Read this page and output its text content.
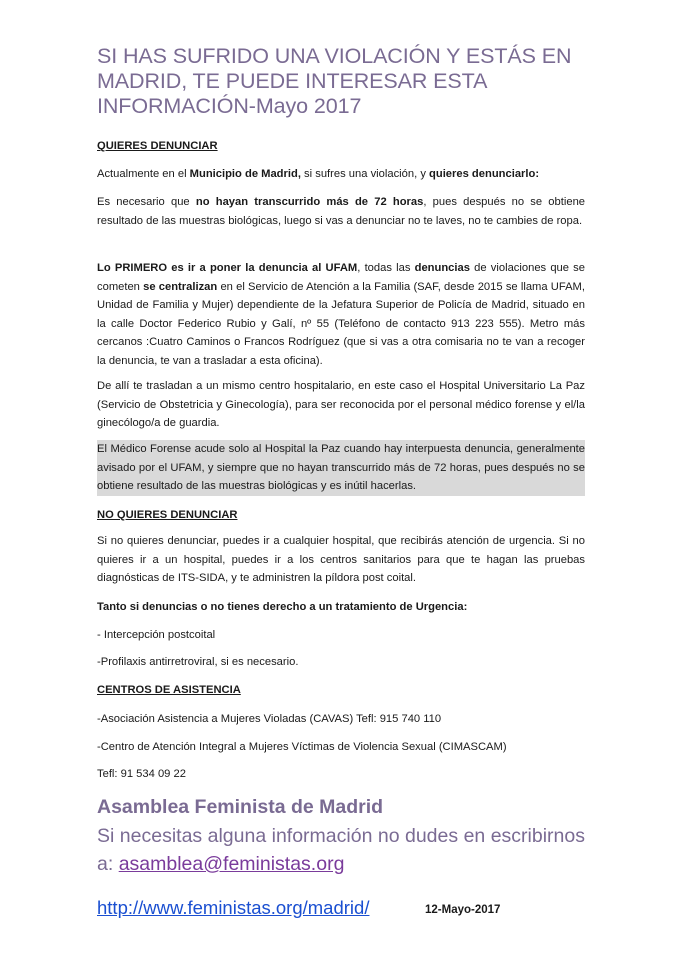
SI HAS SUFRIDO UNA VIOLACIÓN Y ESTÁS EN MADRID, TE PUEDE INTERESAR ESTA INFORMACIÓN-Mayo 2017
QUIERES DENUNCIAR

Actualmente en el Municipio de Madrid, si sufres una violación, y quieres denunciarlo:

Es necesario que no hayan transcurrido más de 72 horas, pues después no se obtiene resultado de las muestras biológicas, luego si vas a denunciar no te laves, no te cambies de ropa.

Lo PRIMERO es ir a poner la denuncia al UFAM, todas las denuncias de violaciones que se cometen se centralizan en el Servicio de Atención a la Familia (SAF, desde 2015 se llama UFAM, Unidad de Familia y Mujer) dependiente de la Jefatura Superior de Policía de Madrid, situado en la calle Doctor Federico Rubio y Galí, nº 55 (Teléfono de contacto 913 223 555). Metro más cercanos :Cuatro Caminos o Francos Rodríguez (que si vas a otra comisaria no te van a recoger la denuncia, te van a trasladar a esta oficina).

De allí te trasladan a un mismo centro hospitalario, en este caso el Hospital Universitario La Paz (Servicio de Obstetricia y Ginecología), para ser reconocida por el personal médico forense y el/la ginecólogo/a de guardia.

El Médico Forense acude solo al Hospital la Paz cuando hay interpuesta denuncia, generalmente avisado por el UFAM, y siempre que no hayan transcurrido más de 72 horas, pues después no se obtiene resultado de las muestras biológicas y es inútil hacerlas.

NO QUIERES DENUNCIAR

Si no quieres denunciar, puedes ir a cualquier hospital, que recibirás atención de urgencia. Si no quieres ir a un hospital, puedes ir a los centros sanitarios para que te hagan las pruebas diagnósticas de ITS-SIDA, y te administren la píldora post coital.

Tanto si denuncias o no tienes derecho a un tratamiento de Urgencia:

- Intercepción postcoital

-Profilaxis antirretroviral, si es necesario.

CENTROS DE ASISTENCIA

-Asociación Asistencia a Mujeres Violadas (CAVAS) Tefl: 915 740 110

-Centro de Atención Integral a Mujeres Víctimas de Violencia Sexual (CIMASCAM)

Tefl: 91 534 09 22

Asamblea Feminista de Madrid

Si necesitas alguna información no dudes en escribirnos a: asamblea@feministas.org

http://www.feministas.org/madrid/	12-Mayo-2017
